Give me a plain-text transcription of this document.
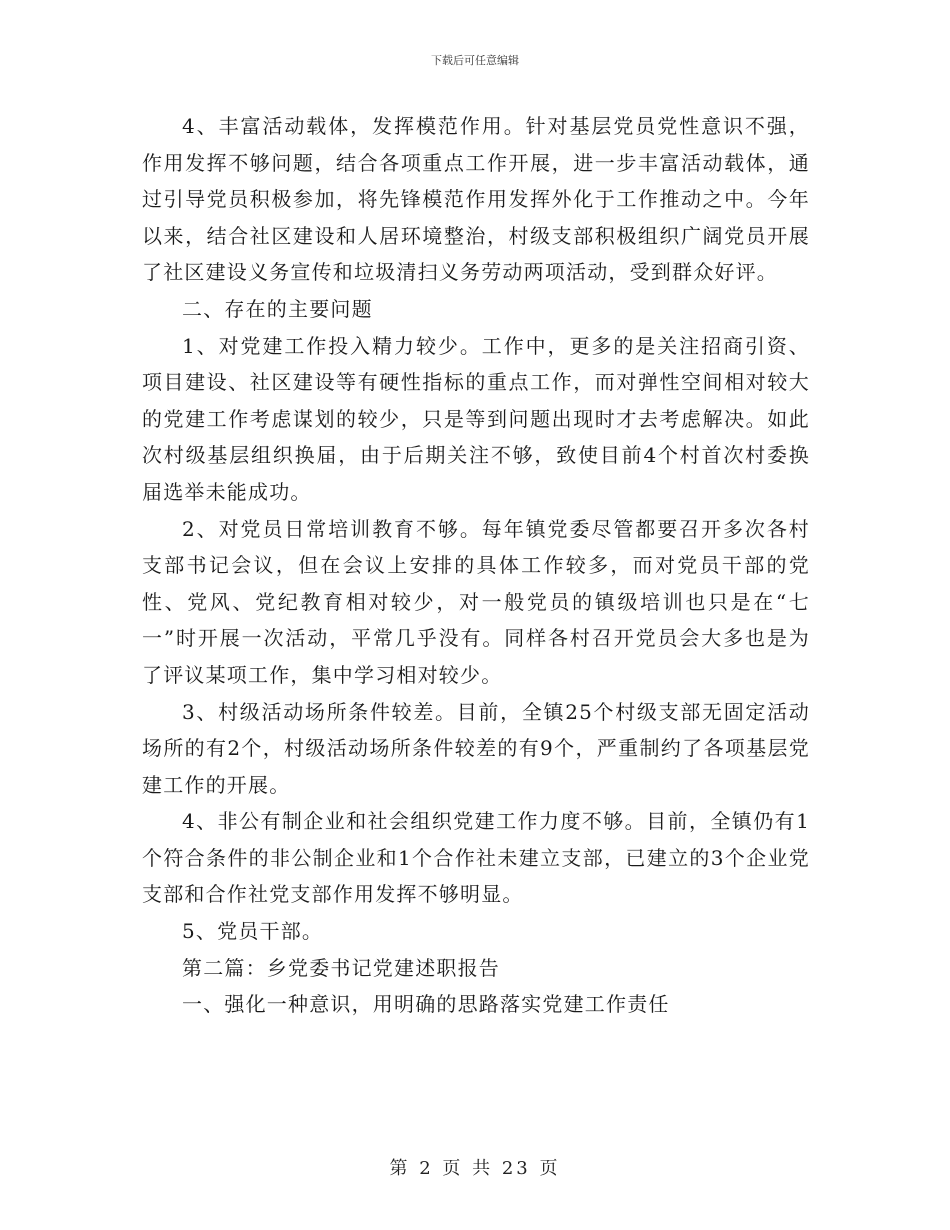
下载后可任意编辑

4、丰富活动载体，发挥模范作用。针对基层党员党性意识不强，作用发挥不够问题，结合各项重点工作开展，进一步丰富活动载体，通过引导党员积极参加，将先锋模范作用发挥外化于工作推动之中。今年以来，结合社区建设和人居环境整治，村级支部积极组织广阔党员开展了社区建设义务宣传和垃圾清扫义务劳动两项活动，受到群众好评。

二、存在的主要问题

1、对党建工作投入精力较少。工作中，更多的是关注招商引资、项目建设、社区建设等有硬性指标的重点工作，而对弹性空间相对较大的党建工作考虑谋划的较少，只是等到问题出现时才去考虑解决。如此次村级基层组织换届，由于后期关注不够，致使目前4个村首次村委换届选举未能成功。

2、对党员日常培训教育不够。每年镇党委尽管都要召开多次各村支部书记会议，但在会议上安排的具体工作较多，而对党员干部的党性、党风、党纪教育相对较少，对一般党员的镇级培训也只是在“七一”时开展一次活动，平常几乎没有。同样各村召开党员会大多也是为了评议某项工作，集中学习相对较少。

3、村级活动场所条件较差。目前，全镇25个村级支部无固定活动场所的有2个，村级活动场所条件较差的有9个，严重制约了各项基层党建工作的开展。

4、非公有制企业和社会组织党建工作力度不够。目前，全镇仍有1个符合条件的非公制企业和1个合作社未建立支部，已建立的3个企业党支部和合作社党支部作用发挥不够明显。

5、党员干部。

第二篇：乡党委书记党建述职报告

一、强化一种意识，用明确的思路落实党建工作责任

第 2 页 共 23 页
